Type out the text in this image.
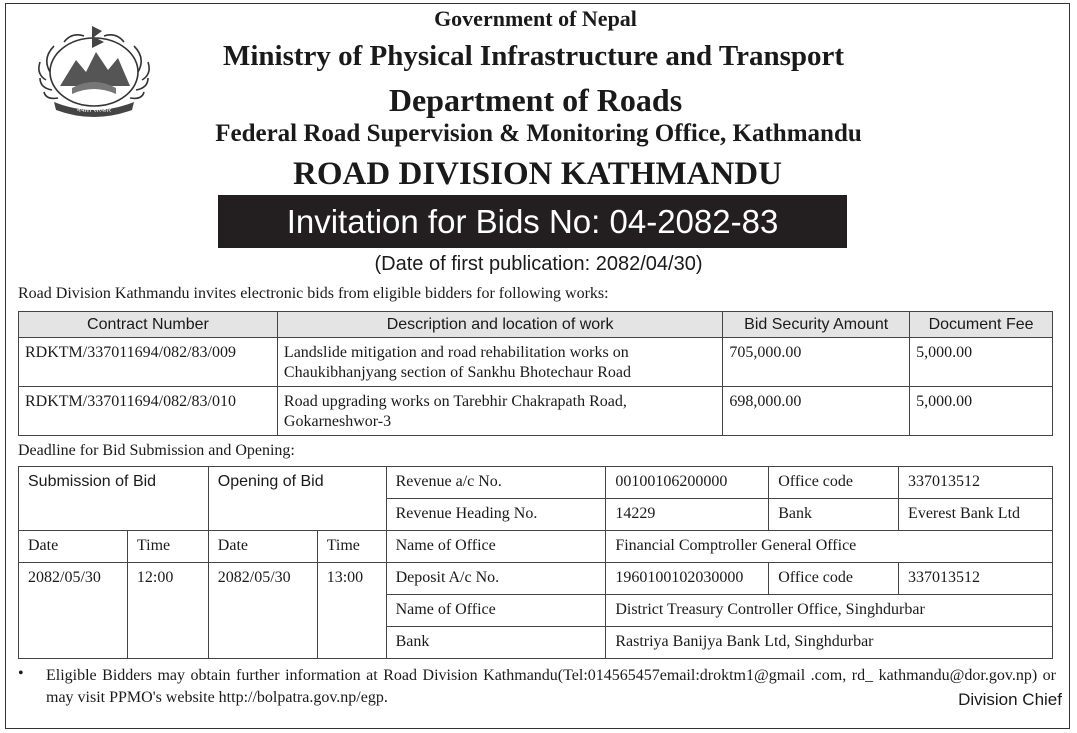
नेपाल सरकार
Government of Nepal
Ministry of Physical Infrastructure and Transport
Department of Roads
Federal Road Supervision & Monitoring Office, Kathmandu
ROAD DIVISION KATHMANDU
Invitation for Bids No: 04-2082-83
(Date of first publication: 2082/04/30)
Road Division Kathmandu invites electronic bids from eligible bidders for following works:
Contract Number	Description and location of work	Bid Security Amount	Document Fee
RDKTM/337011694/082/83/009	Landslide mitigation and road rehabilitation works on
Chaukibhanjyang section of Sankhu Bhotechaur Road	705,000.00	5,000.00
RDKTM/337011694/082/83/010	Road upgrading works on Tarebhir Chakrapath Road,
Gokarneshwor-3	698,000.00	5,000.00
Deadline for Bid Submission and Opening:
Submission of Bid		Opening of Bid		Revenue a/c No.	00100106200000	Office code	337013512
				Revenue Heading No.	14229	Bank	Everest Bank Ltd
Date	Time	Date	Time	Name of Office	Financial Comptroller General Office		
2082/05/30	12:00	2082/05/30	13:00	Deposit A/c No.	1960100102030000	Office code	337013512
				Name of Office	District Treasury Controller Office, Singhdurbar		
				Bank	Rastriya Banijya Bank Ltd, Singhdurbar		
• Eligible Bidders may obtain further information at Road Division Kathmandu(Tel:014565457email:droktm1@gmail .com, rd_ kathmandu@dor.gov.np) or may visit PPMO's website http://bolpatra.gov.np/egp.	Division Chief
